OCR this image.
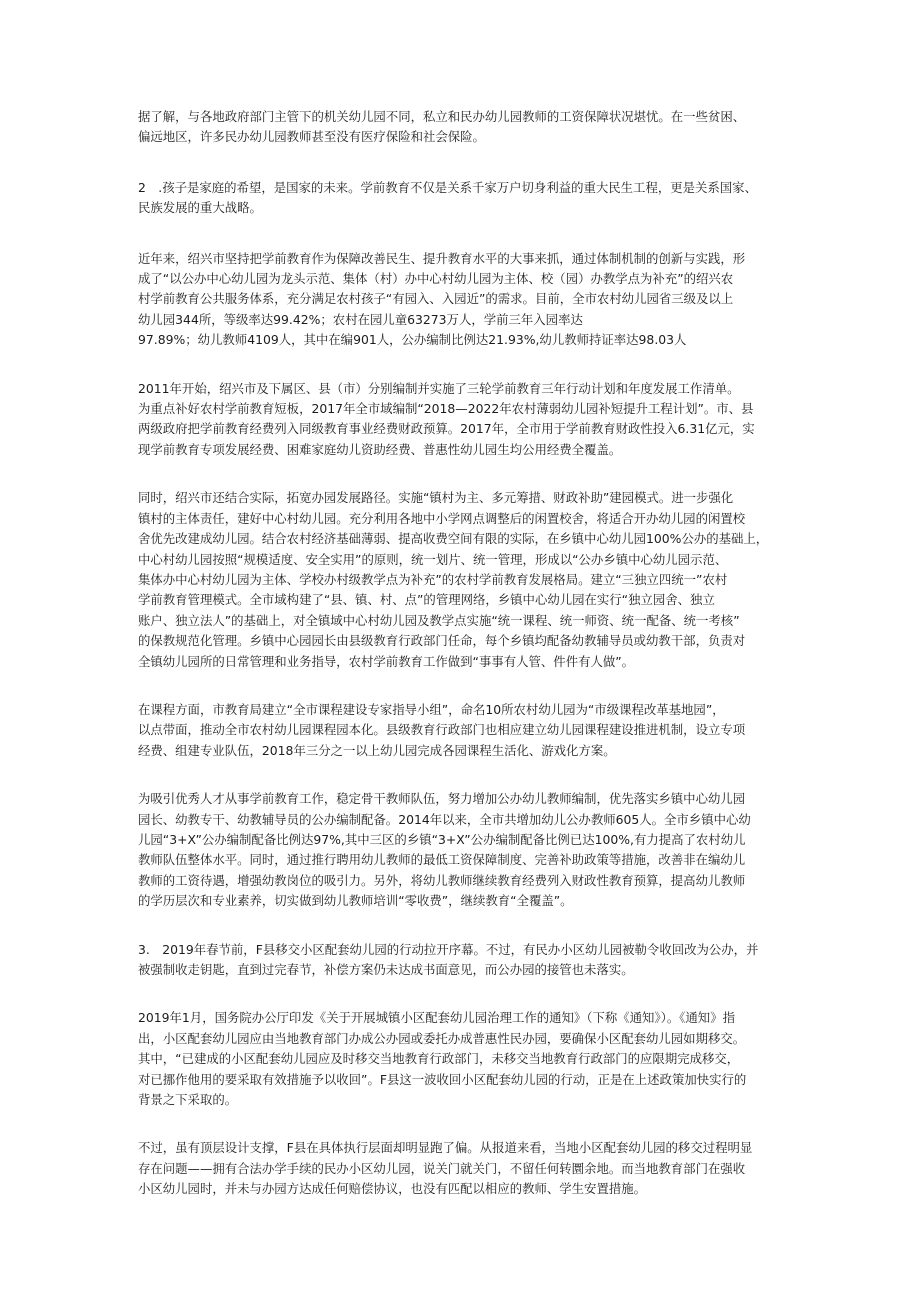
据了解，与各地政府部门主管下的机关幼儿园不同，私立和民办幼儿园教师的工资保障状况堪忧。在一些贫困、
偏远地区，许多民办幼儿园教师甚至没有医疗保险和社会保险。

2　.孩子是家庭的希望，是国家的未来。学前教育不仅是关系千家万户切身利益的重大民生工程，更是关系国家、
民族发展的重大战略。

近年来，绍兴市坚持把学前教育作为保障改善民生、提升教育水平的大事来抓，通过体制机制的创新与实践，形
成了“以公办中心幼儿园为龙头示范、集体（村）办中心村幼儿园为主体、校（园）办教学点为补充”的绍兴农
村学前教育公共服务体系，充分满足农村孩子“有园入、入园近”的需求。目前，全市农村幼儿园省三级及以上
幼儿园344所，等级率达99.42%；农村在园儿童63273万人，学前三年入园率达
97.89%；幼儿教师4109人，其中在编901人，公办编制比例达21.93%,幼儿教师持证率达98.03人

2011年开始，绍兴市及下属区、县（市）分别编制并实施了三轮学前教育三年行动计划和年度发展工作清单。
为重点补好农村学前教育短板，2017年全市域编制“2018—2022年农村薄弱幼儿园补短提升工程计划”。市、县
两级政府把学前教育经费列入同级教育事业经费财政预算。2017年，全市用于学前教育财政性投入6.31亿元，实
现学前教育专项发展经费、困难家庭幼儿资助经费、普惠性幼儿园生均公用经费全覆盖。

同时，绍兴市还结合实际，拓宽办园发展路径。实施“镇村为主、多元筹措、财政补助”建园模式。进一步强化
镇村的主体责任，建好中心村幼儿园。充分利用各地中小学网点调整后的闲置校舍，将适合开办幼儿园的闲置校
舍优先改建成幼儿园。结合农村经济基础薄弱、提高收费空间有限的实际，在乡镇中心幼儿园100%公办的基础上，
中心村幼儿园按照“规模适度、安全实用”的原则，统一划片、统一管理，形成以“公办乡镇中心幼儿园示范、
集体办中心村幼儿园为主体、学校办村级教学点为补充”的农村学前教育发展格局。建立“三独立四统一”农村
学前教育管理模式。全市域构建了“县、镇、村、点”的管理网络，乡镇中心幼儿园在实行“独立园舍、独立
账户、独立法人”的基础上，对全镇域中心村幼儿园及教学点实施“统一课程、统一师资、统一配备、统一考核”
的保教规范化管理。乡镇中心园园长由县级教育行政部门任命，每个乡镇均配备幼教辅导员或幼教干部，负责对
全镇幼儿园所的日常管理和业务指导，农村学前教育工作做到“事事有人管、件件有人做”。

在课程方面，市教育局建立“全市课程建设专家指导小组”，命名10所农村幼儿园为“市级课程改革基地园”，
以点带面，推动全市农村幼儿园课程园本化。县级教育行政部门也相应建立幼儿园课程建设推进机制，设立专项
经费、组建专业队伍，2018年三分之一以上幼儿园完成各园课程生活化、游戏化方案。

为吸引优秀人才从事学前教育工作，稳定骨干教师队伍，努力增加公办幼儿教师编制，优先落实乡镇中心幼儿园
园长、幼教专干、幼教辅导员的公办编制配备。2014年以来，全市共增加幼儿公办教师605人。全市乡镇中心幼
儿园“3+X”公办编制配备比例达97%,其中三区的乡镇“3+X”公办编制配备比例已达100%,有力提高了农村幼儿
教师队伍整体水平。同时，通过推行聘用幼儿教师的最低工资保障制度、完善补助政策等措施，改善非在编幼儿
教师的工资待遇，增强幼教岗位的吸引力。另外，将幼儿教师继续教育经费列入财政性教育预算，提高幼儿教师
的学历层次和专业素养，切实做到幼儿教师培训“零收费”，继续教育“全覆盖”。

3.　2019年春节前，F县移交小区配套幼儿园的行动拉开序幕。不过，有民办小区幼儿园被勒令收回改为公办，并
被强制收走钥匙，直到过完春节，补偿方案仍未达成书面意见，而公办园的接管也未落实。

2019年1月，国务院办公厅印发《关于开展城镇小区配套幼儿园治理工作的通知》（下称《通知》）。《通知》指
出，小区配套幼儿园应由当地教育部门办成公办园或委托办成普惠性民办园，要确保小区配套幼儿园如期移交。
其中，“已建成的小区配套幼儿园应及时移交当地教育行政部门，未移交当地教育行政部门的应限期完成移交，
对已挪作他用的要采取有效措施予以收回”。F县这一波收回小区配套幼儿园的行动，正是在上述政策加快实行的
背景之下采取的。

不过，虽有顶层设计支撑，F县在具体执行层面却明显跑了偏。从报道来看，当地小区配套幼儿园的移交过程明显
存在问题——拥有合法办学手续的民办小区幼儿园，说关门就关门，不留任何转圜余地。而当地教育部门在强收
小区幼儿园时，并未与办园方达成任何赔偿协议，也没有匹配以相应的教师、学生安置措施。
